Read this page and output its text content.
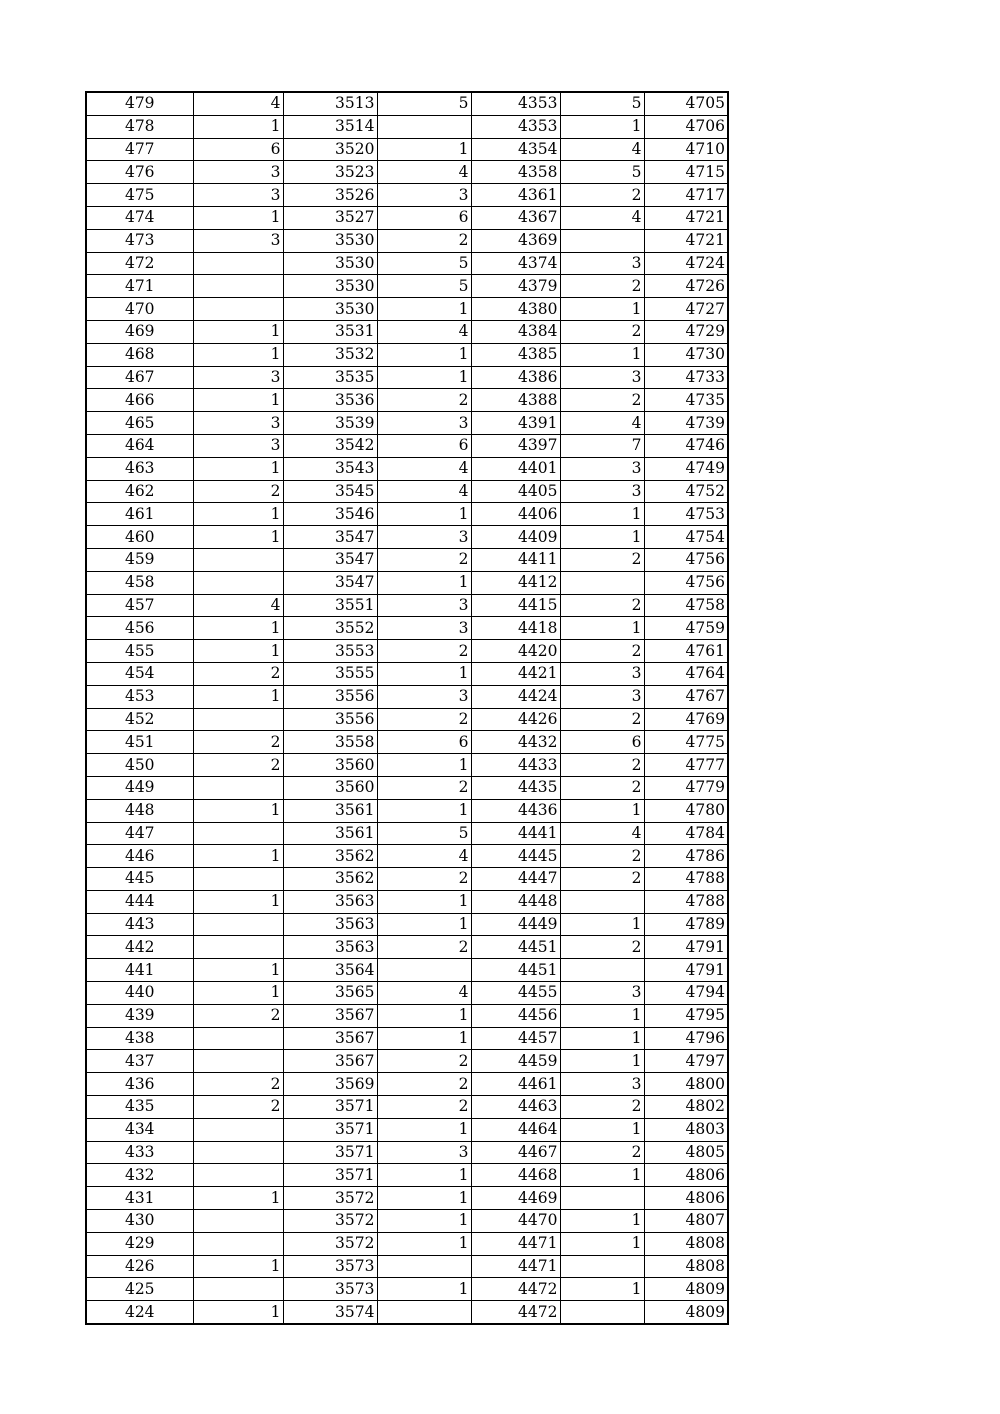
479	4	3513	5	4353	5	4705
478	1	3514		4353	1	4706
477	6	3520	1	4354	4	4710
476	3	3523	4	4358	5	4715
475	3	3526	3	4361	2	4717
474	1	3527	6	4367	4	4721
473	3	3530	2	4369		4721
472		3530	5	4374	3	4724
471		3530	5	4379	2	4726
470		3530	1	4380	1	4727
469	1	3531	4	4384	2	4729
468	1	3532	1	4385	1	4730
467	3	3535	1	4386	3	4733
466	1	3536	2	4388	2	4735
465	3	3539	3	4391	4	4739
464	3	3542	6	4397	7	4746
463	1	3543	4	4401	3	4749
462	2	3545	4	4405	3	4752
461	1	3546	1	4406	1	4753
460	1	3547	3	4409	1	4754
459		3547	2	4411	2	4756
458		3547	1	4412		4756
457	4	3551	3	4415	2	4758
456	1	3552	3	4418	1	4759
455	1	3553	2	4420	2	4761
454	2	3555	1	4421	3	4764
453	1	3556	3	4424	3	4767
452		3556	2	4426	2	4769
451	2	3558	6	4432	6	4775
450	2	3560	1	4433	2	4777
449		3560	2	4435	2	4779
448	1	3561	1	4436	1	4780
447		3561	5	4441	4	4784
446	1	3562	4	4445	2	4786
445		3562	2	4447	2	4788
444	1	3563	1	4448		4788
443		3563	1	4449	1	4789
442		3563	2	4451	2	4791
441	1	3564		4451		4791
440	1	3565	4	4455	3	4794
439	2	3567	1	4456	1	4795
438		3567	1	4457	1	4796
437		3567	2	4459	1	4797
436	2	3569	2	4461	3	4800
435	2	3571	2	4463	2	4802
434		3571	1	4464	1	4803
433		3571	3	4467	2	4805
432		3571	1	4468	1	4806
431	1	3572	1	4469		4806
430		3572	1	4470	1	4807
429		3572	1	4471	1	4808
426	1	3573		4471		4808
425		3573	1	4472	1	4809
424	1	3574		4472		4809
